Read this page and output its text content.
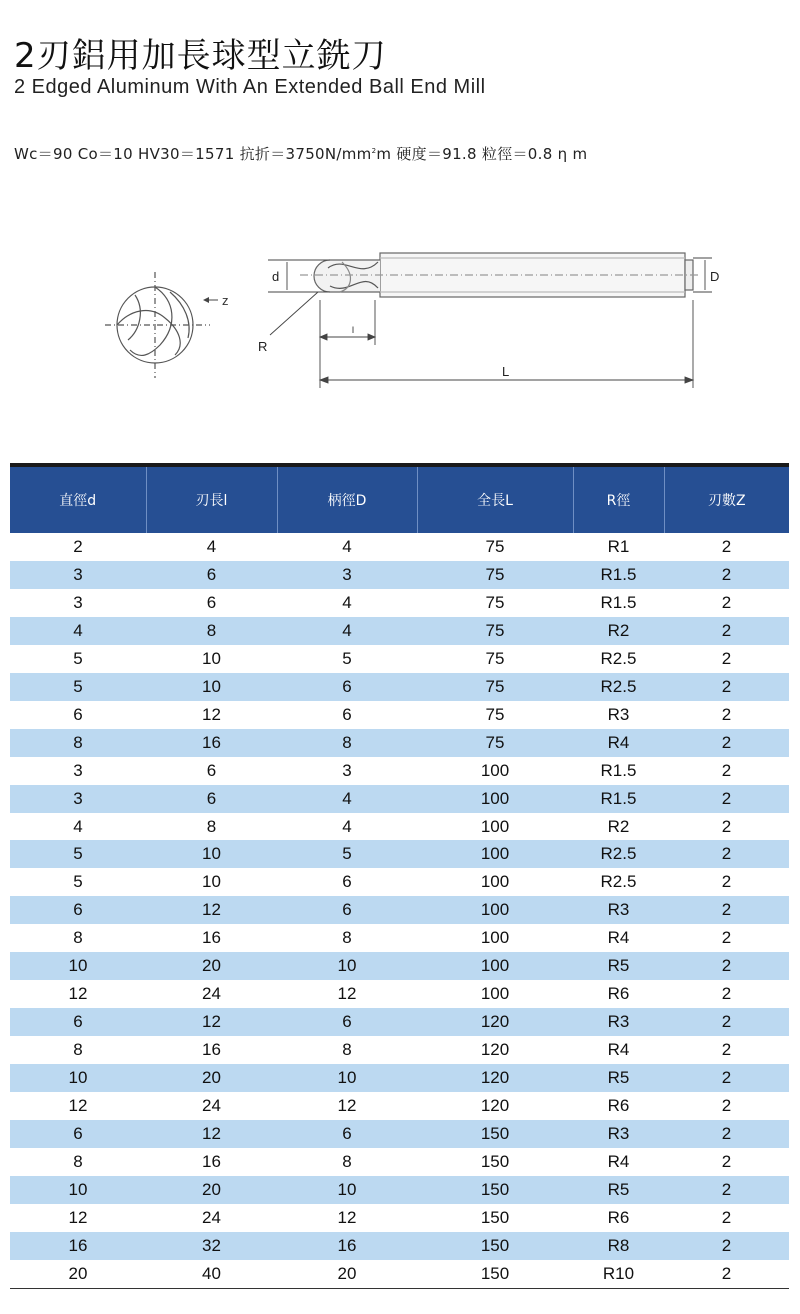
2刃鋁用加長球型立銑刀
2 Edged Aluminum With An Extended Ball End Mill
Wc＝90 Co＝10 HV30＝1571 抗折$=3750N/mm^2m$ 硬度＝91.8 粒徑＝0.8 η m
z
d	D
R
l
L
直徑d	刃長l	柄徑D	全長L	R徑	刃數Z
2	4	4	75	R1	2
3	6	3	75	R1.5	2
3	6	4	75	R1.5	2
4	8	4	75	R2	2
5	10	5	75	R2.5	2
5	10	6	75	R2.5	2
6	12	6	75	R3	2
8	16	8	75	R4	2
3	6	3	100	R1.5	2
3	6	4	100	R1.5	2
4	8	4	100	R2	2
5	10	5	100	R2.5	2
5	10	6	100	R2.5	2
6	12	6	100	R3	2
8	16	8	100	R4	2
10	20	10	100	R5	2
12	24	12	100	R6	2
6	12	6	120	R3	2
8	16	8	120	R4	2
10	20	10	120	R5	2
12	24	12	120	R6	2
6	12	6	150	R3	2
8	16	8	150	R4	2
10	20	10	150	R5	2
12	24	12	150	R6	2
16	32	16	150	R8	2
20	40	20	150	R10	2
